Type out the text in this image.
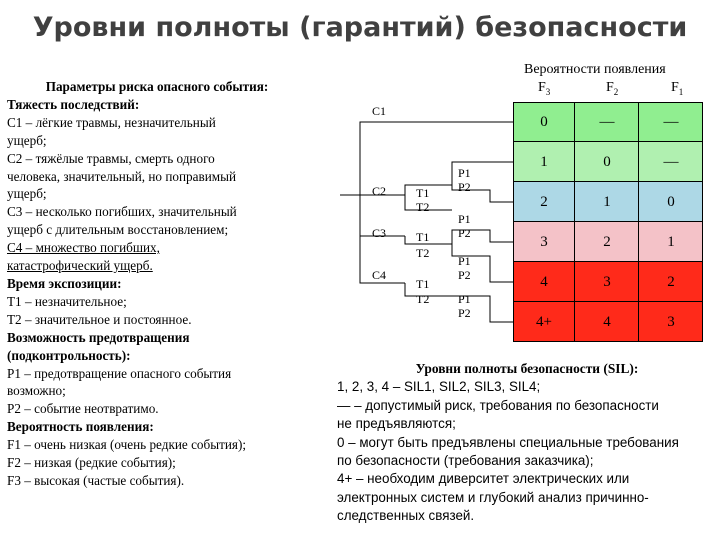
Уровни полноты (гарантий) безопасности
Параметры риска опасного события:
Тяжесть последствий:
C1 – лёгкие травмы, незначительный
ущерб;
C2 – тяжёлые травмы, смерть одного
человека, значительный, но поправимый
ущерб;
C3 – несколько погибших, значительный
ущерб с длительным восстановлением;
C4 – множество погибших,
катастрофический ущерб.
Время экспозиции:
T1 – незначительное;
T2 – значительное и постоянное.
Возможность предотвращения
(подконтрольность):
P1 – предотвращение опасного события
возможно;
P2 – событие неотвратимо.
Вероятность появления:
F1 – очень низкая (очень редкие события);
F2 – низкая (редкие события);
F3 – высокая (частые события).
Вероятности появления
$F_3$	$F_2$	$F_1$
0	—	—
1	0	—
2	1	0
3	2	1
4	3	2
4+	4	3
C1
C2
C3
C4
T1
T2
T1
T2
T1
T2
P1
P2
P1
P2
P1
P2
P1
P2
Уровни полноты безопасности (SIL):
1, 2, 3, 4 – SIL1, SIL2, SIL3, SIL4;
— – допустимый риск, требования по безопасности
не предъявляются;
0 – могут быть предъявлены специальные требования
по безопасности (требования заказчика);
4+ – необходим диверситет электрических или
электронных систем и глубокий анализ причинно-
следственных связей.
